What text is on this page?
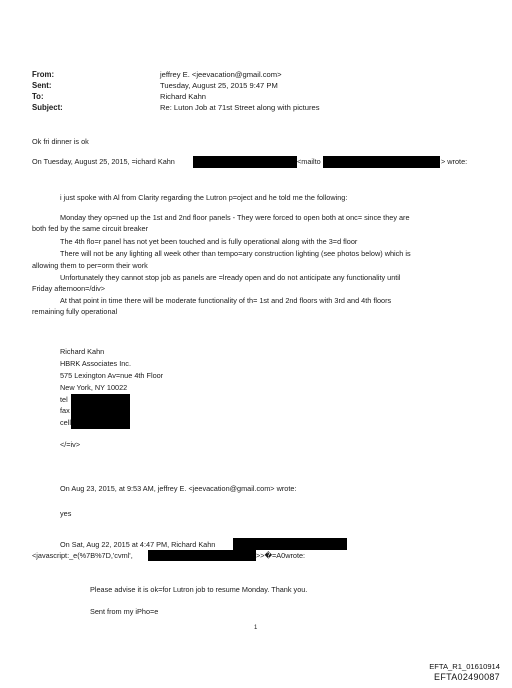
From:	jeffrey E. <jeevacation@gmail.com>
Sent:	Tuesday, August 25, 2015 9:47 PM
To:	Richard Kahn
Subject:	Re: Luton Job at 71st Street along with pictures
Ok fri dinner is ok
On Tuesday, August 25, 2015, =ichard Kahn	<mailto	> wrote:
i just spoke with Al from Clarity regarding the Lutron p=oject and he told me the following:
Monday they op=ned up the 1st and 2nd floor panels - They were forced to open both at onc= since they are
both fed by the same circuit breaker
The 4th flo=r panel has not yet been touched and is fully operational along with the 3=d floor
There will not be any lighting all week other than tempo=ary construction lighting (see photos below) which is
allowing them to per=orm their work
Unfortunately they cannot stop job as panels are =lready open and do not anticipate any functionality until
Friday afternoon=/div>
At that point in time there will be moderate functionality of th= 1st and 2nd floors with 3rd and 4th floors
remaining fully operational
Richard Kahn
HBRK Associates Inc.
575 Lexington Av=nue 4th Floor
New York, NY 10022
tel
fax
cell
</=iv>
On Aug 23, 2015, at 9:53 AM, jeffrey E. <jeevacation@gmail.com> wrote:
yes
On Sat, Aug 22, 2015 at 4:47 PM, Richard Kahn
<javascript:_e(%7B%7D,'cvml',	>>�=A0wrote:
Please advise it is ok=for Lutron job to resume Monday. Thank you.
Sent from my iPho=e
1
EFTA_R1_01610914
EFTA02490087
